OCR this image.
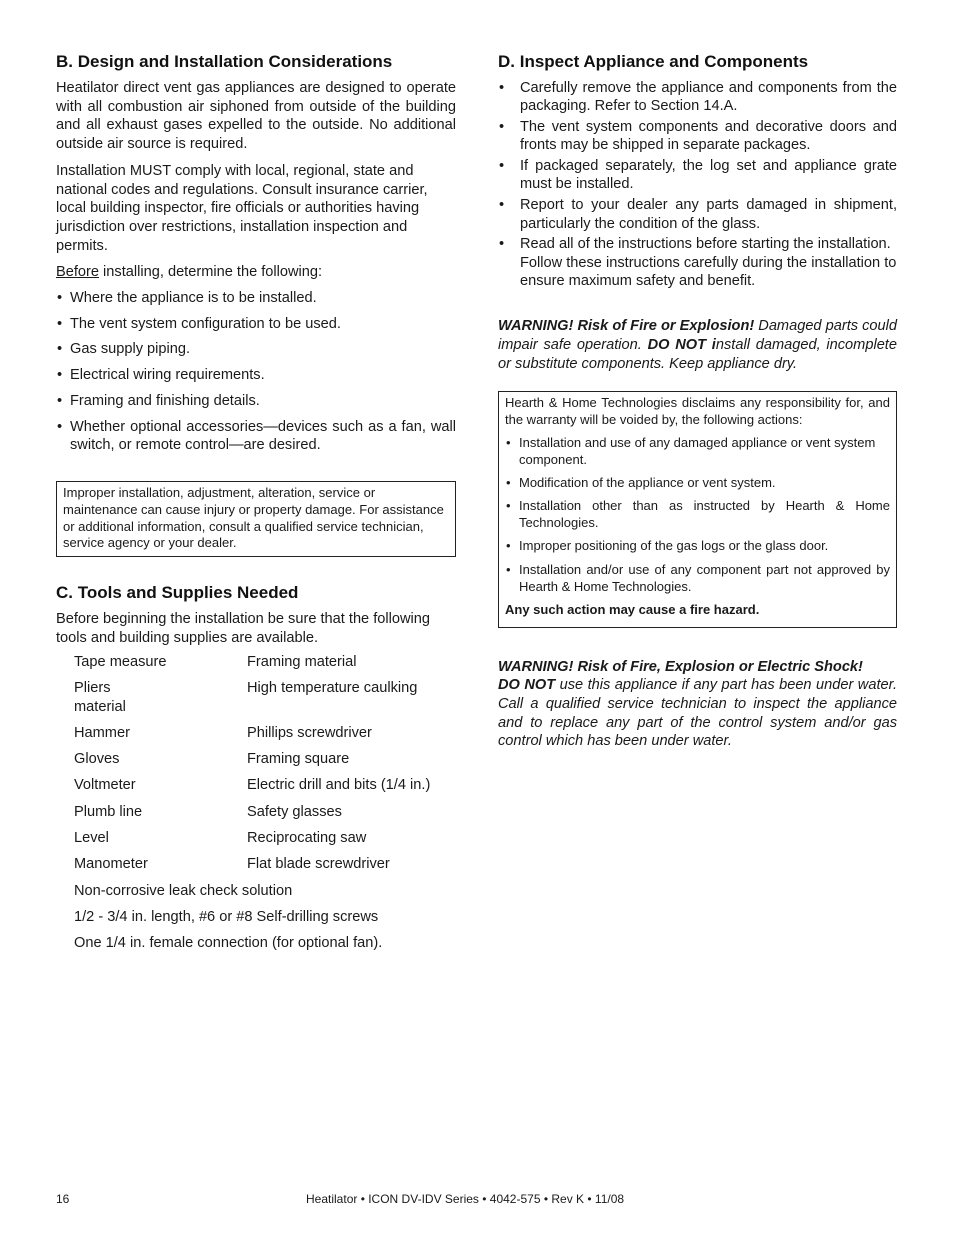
B. Design and Installation Considerations

Heatilator direct vent gas appliances are designed to operate with all combustion air siphoned from outside of the building and all exhaust gases expelled to the outside. No additional outside air source is required.

Installation MUST comply with local, regional, state and national codes and regulations. Consult insurance carrier, local building inspector, fire officials or authorities having jurisdiction over restrictions, installation inspection and permits.

Before installing, determine the following:

• Where the appliance is to be installed.
• The vent system configuration to be used.
• Gas supply piping.
• Electrical wiring requirements.
• Framing and finishing details.
• Whether optional accessories—devices such as a fan, wall switch, or remote control—are desired.
Improper installation, adjustment, alteration, service or maintenance can cause injury or property damage. For assistance or additional information, consult a qualified service technician, service agency or your dealer.
C. Tools and Supplies Needed

Before beginning the installation be sure that the following tools and building supplies are available.

Tape measure	Framing material
Pliers	High temperature caulking
material
Hammer	Phillips screwdriver
Gloves	Framing square
Voltmeter	Electric drill and bits (1/4 in.)
Plumb line	Safety glasses
Level	Reciprocating saw
Manometer	Flat blade screwdriver
Non-corrosive leak check solution
1/2 - 3/4 in. length, #6 or #8 Self-drilling screws
One 1/4 in. female connection (for optional fan).
D. Inspect Appliance and Components
• Carefully remove the appliance and components from the packaging. Refer to Section 14.A.
• The vent system components and decorative doors and fronts may be shipped in separate packages.
• If packaged separately, the log set and appliance grate must be installed.
• Report to your dealer any parts damaged in shipment, particularly the condition of the glass.
• Read all of the instructions before starting the installation. Follow these instructions carefully during the installation to ensure maximum safety and benefit.

WARNING! Risk of Fire or Explosion! Damaged parts could impair safe operation. DO NOT install damaged, incomplete or substitute components. Keep appliance dry.

Hearth & Home Technologies disclaims any responsibility for, and the warranty will be voided by, the following actions:
• Installation and use of any damaged appliance or vent system component.
• Modification of the appliance or vent system.
• Installation other than as instructed by Hearth & Home Technologies.
• Improper positioning of the gas logs or the glass door.
• Installation and/or use of any component part not approved by Hearth & Home Technologies.
Any such action may cause a fire hazard.

WARNING! Risk of Fire, Explosion or Electric Shock!
DO NOT use this appliance if any part has been under water. Call a qualified service technician to inspect the appliance and to replace any part of the control system and/or gas control which has been under water.

16	Heatilator • ICON DV-IDV Series • 4042-575 • Rev K • 11/08
